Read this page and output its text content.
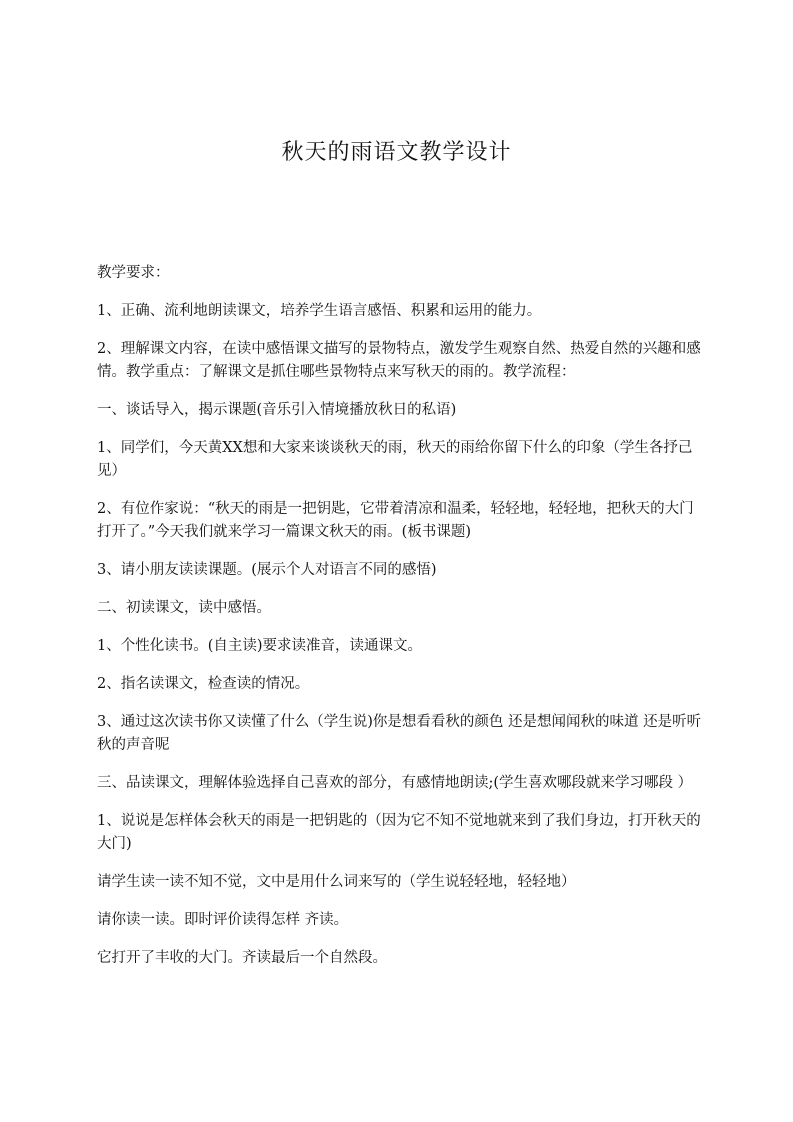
秋天的雨语文教学设计

教学要求：

1、正确、流利地朗读课文，培养学生语言感悟、积累和运用的能力。

2、理解课文内容，在读中感悟课文描写的景物特点，激发学生观察自然、热爱自然的兴趣和感情。教学重点：了解课文是抓住哪些景物特点来写秋天的雨的。教学流程：

一、谈话导入，揭示课题(音乐引入情境播放秋日的私语)

1、同学们，今天黄XX想和大家来谈谈秋天的雨，秋天的雨给你留下什么的印象（学生各抒己见）

2、有位作家说：“秋天的雨是一把钥匙，它带着清凉和温柔，轻轻地，轻轻地，把秋天的大门打开了。”今天我们就来学习一篇课文秋天的雨。(板书课题)

3、请小朋友读读课题。(展示个人对语言不同的感悟)

二、初读课文，读中感悟。

1、个性化读书。(自主读)要求读准音，读通课文。

2、指名读课文，检查读的情况。

3、通过这次读书你又读懂了什么（学生说)你是想看看秋的颜色 还是想闻闻秋的味道 还是听听秋的声音呢

三、品读课文，理解体验选择自己喜欢的部分，有感情地朗读;(学生喜欢哪段就来学习哪段 ）

1、说说是怎样体会秋天的雨是一把钥匙的（因为它不知不觉地就来到了我们身边，打开秋天的大门)

请学生读一读不知不觉，文中是用什么词来写的（学生说轻轻地，轻轻地）

请你读一读。即时评价读得怎样 齐读。

它打开了丰收的大门。齐读最后一个自然段。
